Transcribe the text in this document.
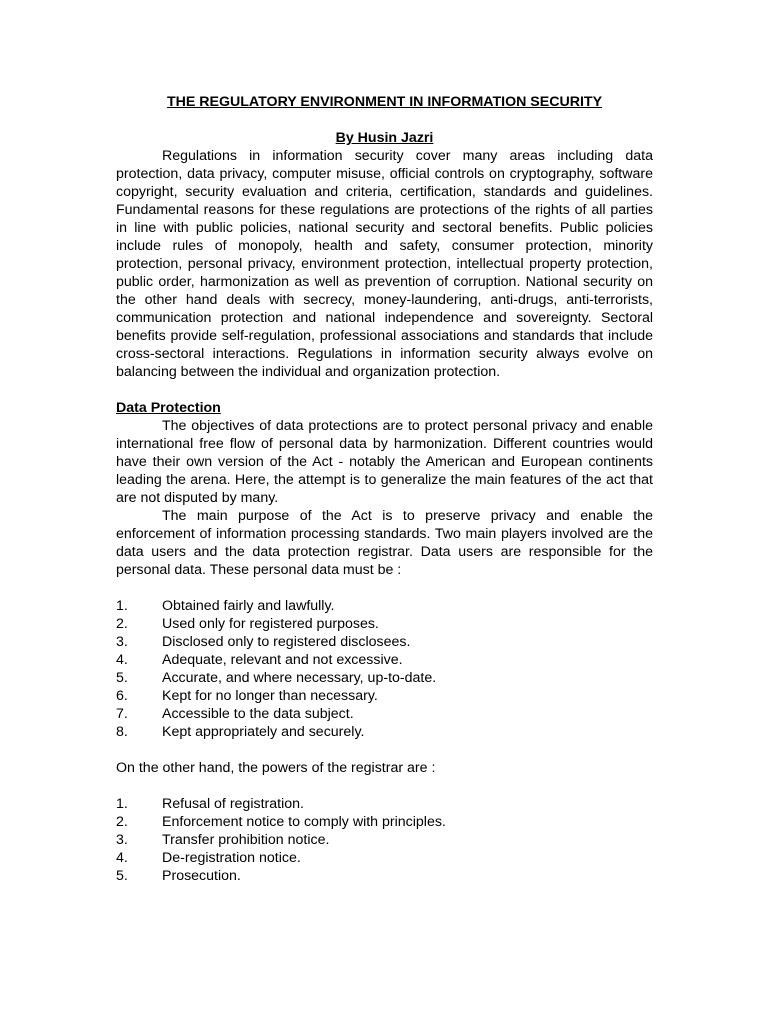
THE REGULATORY ENVIRONMENT IN INFORMATION SECURITY
By Husin Jazri

Regulations in information security cover many areas including data protection, data privacy, computer misuse, official controls on cryptography, software copyright, security evaluation and criteria, certification, standards and guidelines. Fundamental reasons for these regulations are protections of the rights of all parties in line with public policies, national security and sectoral benefits. Public policies include rules of monopoly, health and safety, consumer protection, minority protection, personal privacy, environment protection, intellectual property protection, public order, harmonization as well as prevention of corruption. National security on the other hand deals with secrecy, money-laundering, anti-drugs, anti-terrorists, communication protection and national independence and sovereignty. Sectoral benefits provide self-regulation, professional associations and standards that include cross-sectoral interactions. Regulations in information security always evolve on balancing between the individual and organization protection.

Data Protection

The objectives of data protections are to protect personal privacy and enable international free flow of personal data by harmonization. Different countries would have their own version of the Act - notably the American and European continents leading the arena. Here, the attempt is to generalize the main features of the act that are not disputed by many.

The main purpose of the Act is to preserve privacy and enable the enforcement of information processing standards. Two main players involved are the data users and the data protection registrar. Data users are responsible for the personal data. These personal data must be :

1.	Obtained fairly and lawfully.
2.	Used only for registered purposes.
3.	Disclosed only to registered disclosees.
4.	Adequate, relevant and not excessive.
5.	Accurate, and where necessary, up-to-date.
6.	Kept for no longer than necessary.
7.	Accessible to the data subject.
8.	Kept appropriately and securely.

On the other hand, the powers of the registrar are :

1.	Refusal of registration.
2.	Enforcement notice to comply with principles.
3.	Transfer prohibition notice.
4.	De-registration notice.
5.	Prosecution.
